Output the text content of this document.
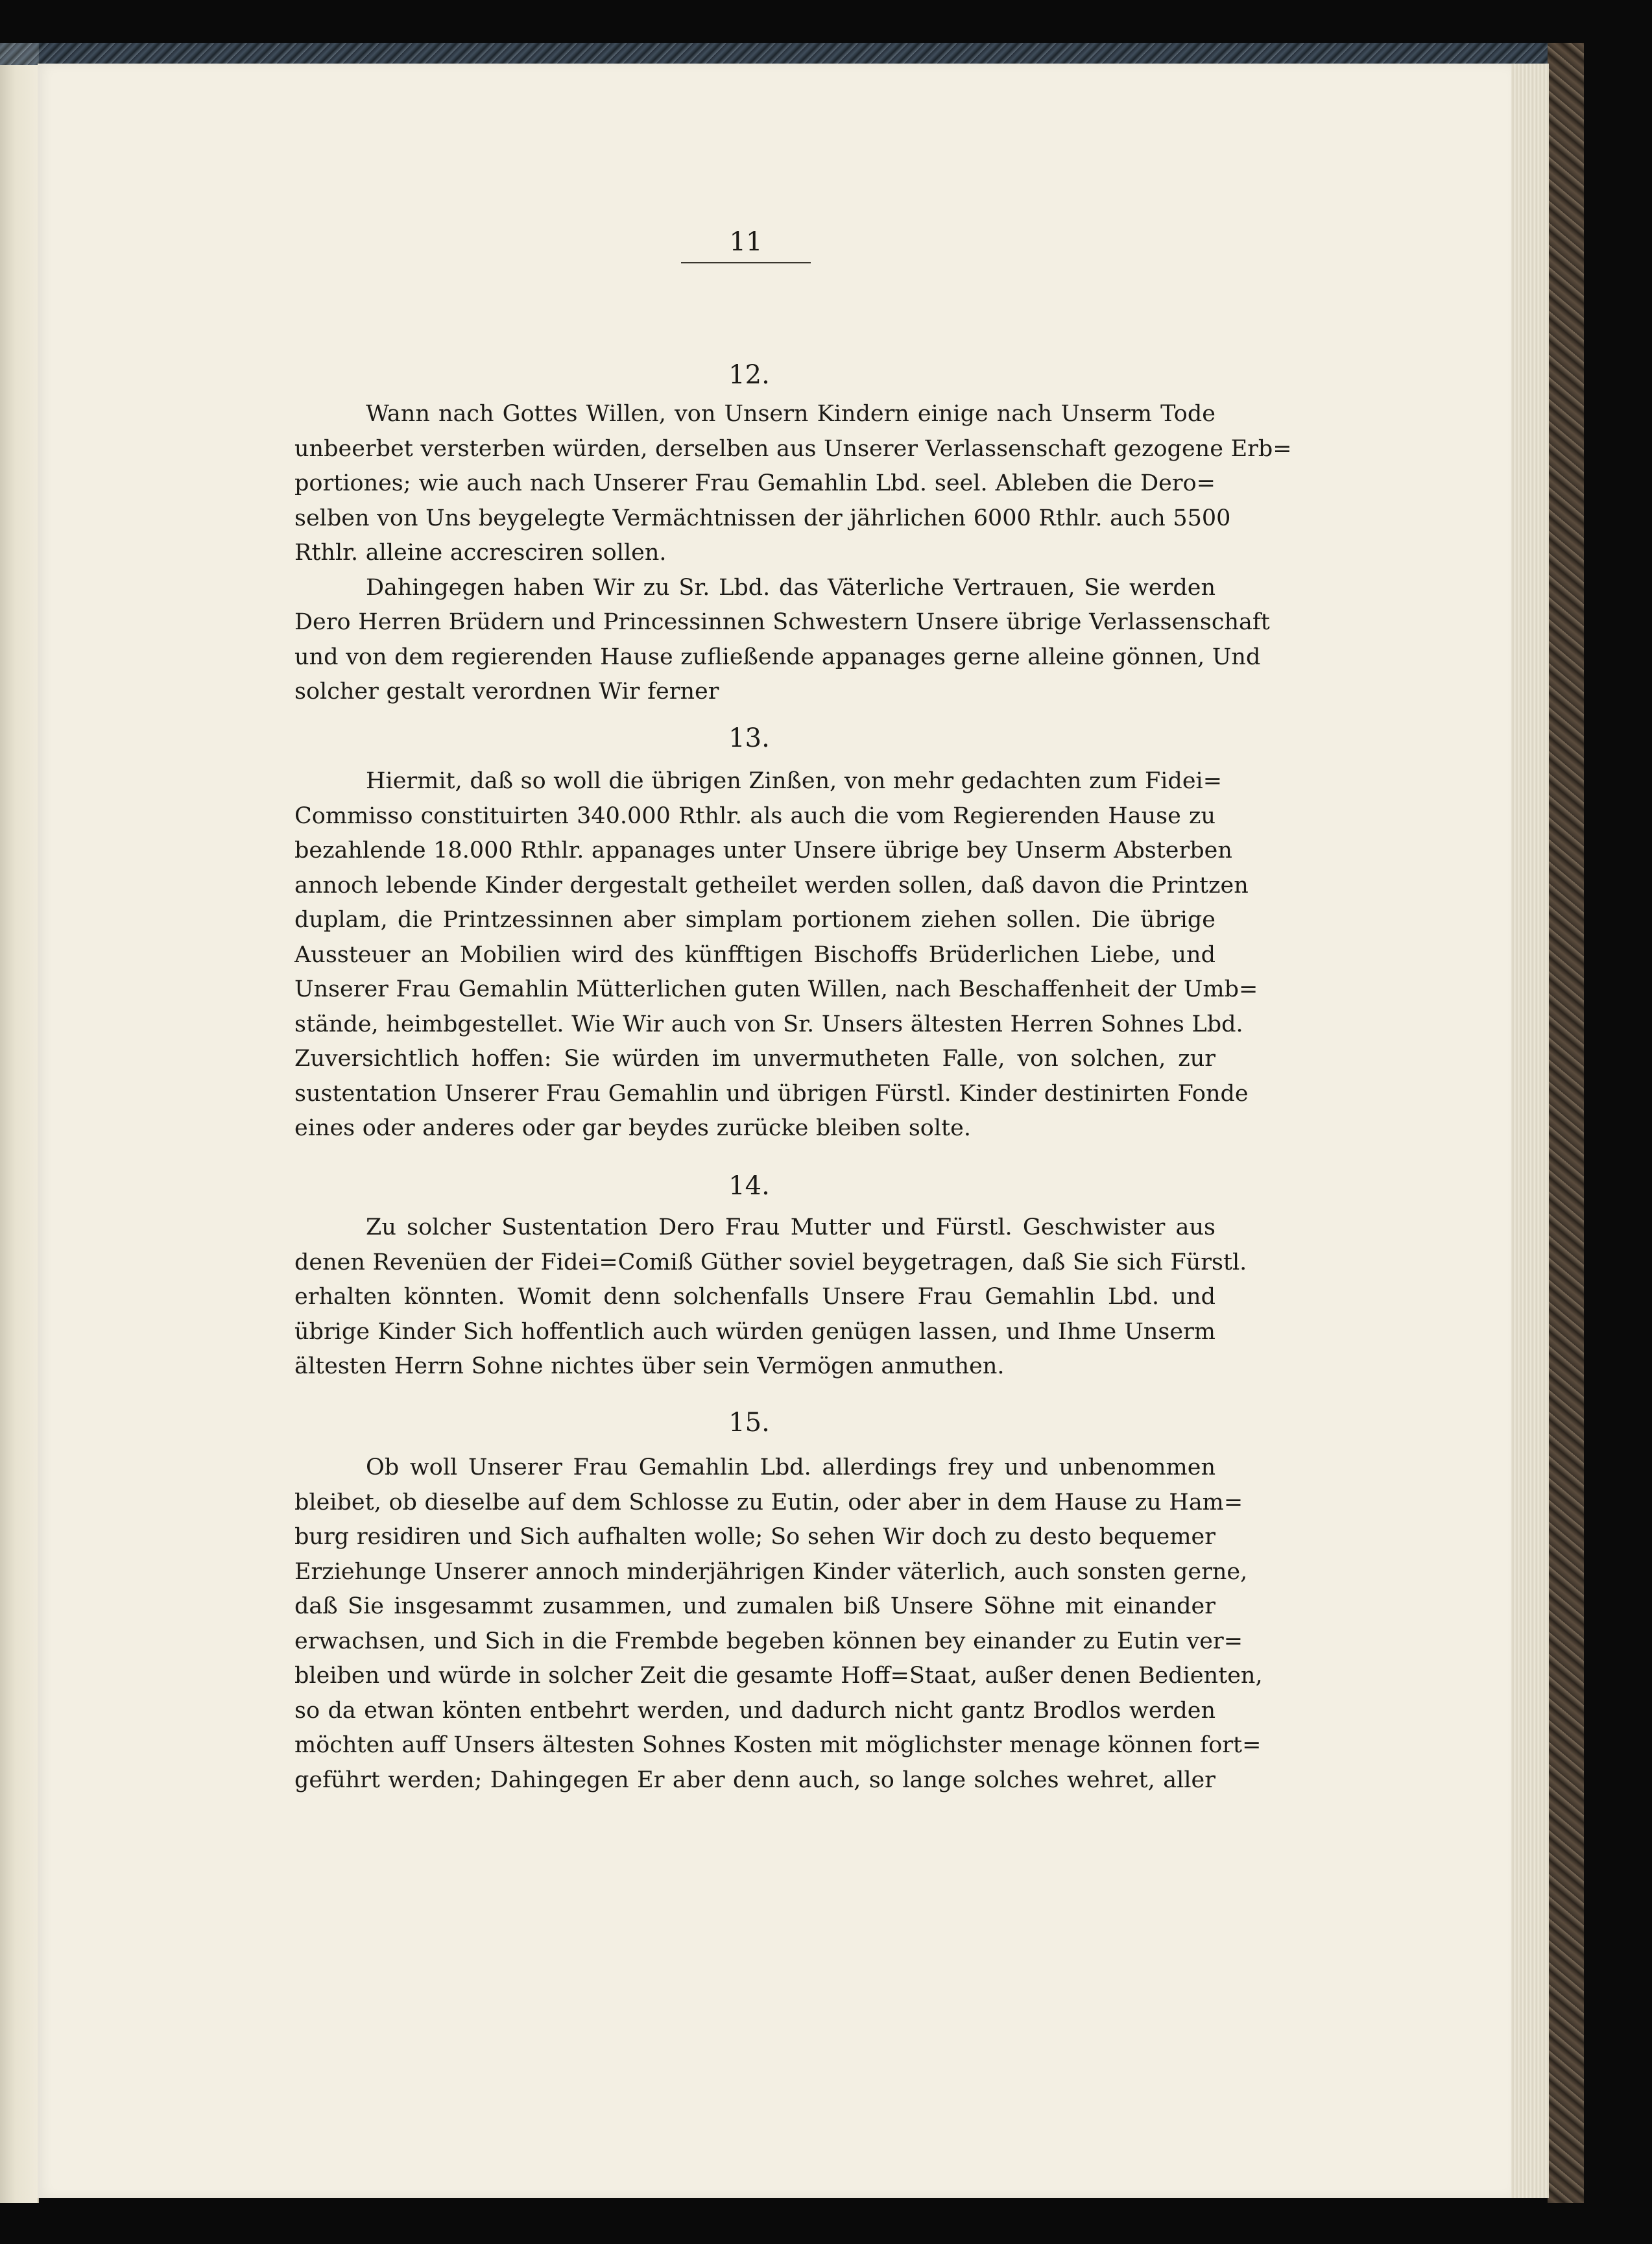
11
12.
Wann nach Gottes Willen, von Unsern Kindern einige nach Unserm Tode
unbeerbet versterben würden, derselben aus Unserer Verlassenschaft gezogene Erb=
portiones; wie auch nach Unserer Frau Gemahlin Lbd. seel. Ableben die Dero=
selben von Uns beygelegte Vermächtnissen der jährlichen 6000 Rthlr. auch 5500
Rthlr. alleine accresciren sollen.
Dahingegen haben Wir zu Sr. Lbd. das Väterliche Vertrauen, Sie werden
Dero Herren Brüdern und Princessinnen Schwestern Unsere übrige Verlassenschaft
und von dem regierenden Hause zufließende appanages gerne alleine gönnen, Und
solcher gestalt verordnen Wir ferner
13.
Hiermit, daß so woll die übrigen Zinßen, von mehr gedachten zum Fidei=
Commisso constituirten 340.000 Rthlr. als auch die vom Regierenden Hause zu
bezahlende 18.000 Rthlr. appanages unter Unsere übrige bey Unserm Absterben
annoch lebende Kinder dergestalt getheilet werden sollen, daß davon die Printzen
duplam, die Printzessinnen aber simplam portionem ziehen sollen. Die übrige
Aussteuer an Mobilien wird des künfftigen Bischoffs Brüderlichen Liebe, und
Unserer Frau Gemahlin Mütterlichen guten Willen, nach Beschaffenheit der Umb=
stände, heimbgestellet. Wie Wir auch von Sr. Unsers ältesten Herren Sohnes Lbd.
Zuversichtlich hoffen: Sie würden im unvermutheten Falle, von solchen, zur
sustentation Unserer Frau Gemahlin und übrigen Fürstl. Kinder destinirten Fonde
eines oder anderes oder gar beydes zurücke bleiben solte.
14.
Zu solcher Sustentation Dero Frau Mutter und Fürstl. Geschwister aus
denen Revenüen der Fidei=Comiß Güther soviel beygetragen, daß Sie sich Fürstl.
erhalten könnten. Womit denn solchenfalls Unsere Frau Gemahlin Lbd. und
übrige Kinder Sich hoffentlich auch würden genügen lassen, und Ihme Unserm
ältesten Herrn Sohne nichtes über sein Vermögen anmuthen.
15.
Ob woll Unserer Frau Gemahlin Lbd. allerdings frey und unbenommen
bleibet, ob dieselbe auf dem Schlosse zu Eutin, oder aber in dem Hause zu Ham=
burg residiren und Sich aufhalten wolle; So sehen Wir doch zu desto bequemer
Erziehunge Unserer annoch minderjährigen Kinder väterlich, auch sonsten gerne,
daß Sie insgesammt zusammen, und zumalen biß Unsere Söhne mit einander
erwachsen, und Sich in die Frembde begeben können bey einander zu Eutin ver=
bleiben und würde in solcher Zeit die gesamte Hoff=Staat, außer denen Bedienten,
so da etwan könten entbehrt werden, und dadurch nicht gantz Brodlos werden
möchten auff Unsers ältesten Sohnes Kosten mit möglichster menage können fort=
geführt werden; Dahingegen Er aber denn auch, so lange solches wehret, aller
